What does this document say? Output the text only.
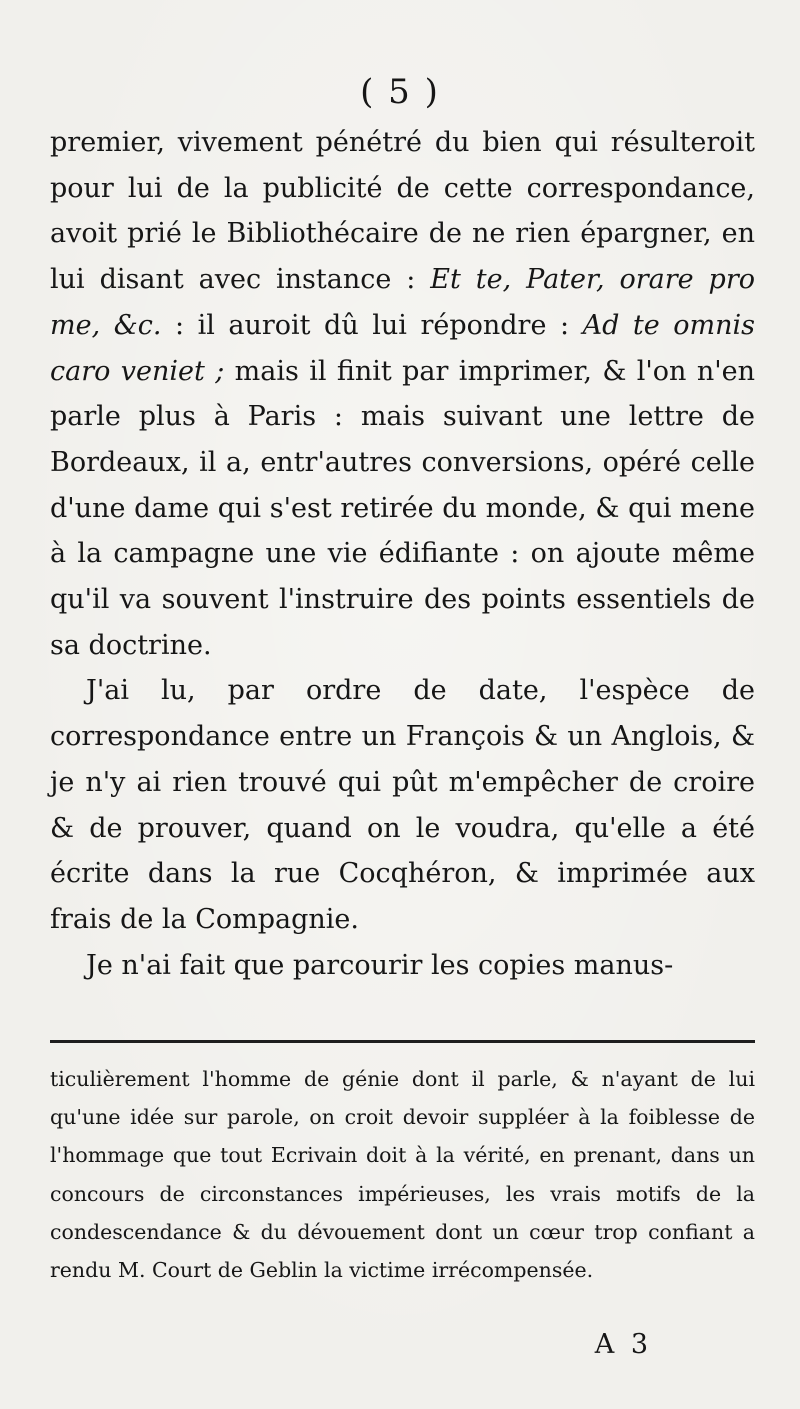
( 5 )

premier, vivement pénétré du bien qui résulteroit pour lui de la publicité de cette correspondance, avoit prié le Bibliothécaire de ne rien épargner, en lui disant avec instance : Et te, Pater, orare pro me, &c. : il auroit dû lui répondre : Ad te omnis caro veniet ; mais il finit par imprimer, & l'on n'en parle plus à Paris : mais suivant une lettre de Bordeaux, il a, entr'autres conversions, opéré celle d'une dame qui s'est retirée du monde, & qui mene à la campagne une vie édifiante : on ajoute même qu'il va souvent l'instruire des points essentiels de sa doctrine.

J'ai lu, par ordre de date, l'espèce de correspondance entre un François & un Anglois, & je n'y ai rien trouvé qui pût m'empêcher de croire & de prouver, quand on le voudra, qu'elle a été écrite dans la rue Cocqhéron, & imprimée aux frais de la Compagnie.

Je n'ai fait que parcourir les copies manus-

ticulièrement l'homme de génie dont il parle, & n'ayant de lui qu'une idée sur parole, on croit devoir suppléer à la foiblesse de l'hommage que tout Ecrivain doit à la vérité, en prenant, dans un concours de circonstances impérieuses, les vrais motifs de la condescendance & du dévouement dont un cœur trop confiant a rendu M. Court de Geblin la victime irrécompensée.

A 3
